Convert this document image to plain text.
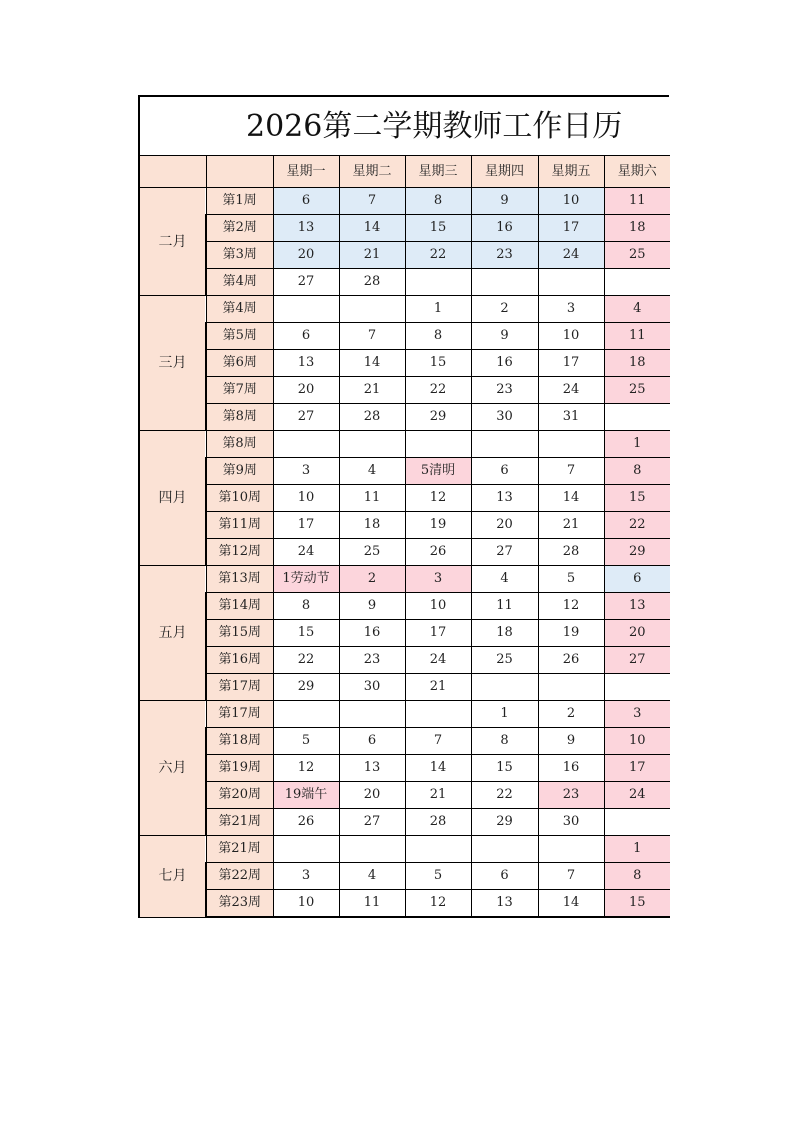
2026第二学期教师工作日历
		星期一	星期二	星期三	星期四	星期五	星期六
二月	第1周	6	7	8	9	10	11
	第2周	13	14	15	16	17	18
	第3周	20	21	22	23	24	25
	第4周	27	28				
三月	第4周			1	2	3	4
	第5周	6	7	8	9	10	11
	第6周	13	14	15	16	17	18
	第7周	20	21	22	23	24	25
	第8周	27	28	29	30	31	
四月	第8周						1
	第9周	3	4	5清明	6	7	8
	第10周	10	11	12	13	14	15
	第11周	17	18	19	20	21	22
	第12周	24	25	26	27	28	29
五月	第13周	1劳动节	2	3	4	5	6
	第14周	8	9	10	11	12	13
	第15周	15	16	17	18	19	20
	第16周	22	23	24	25	26	27
	第17周	29	30	21			
六月	第17周				1	2	3
	第18周	5	6	7	8	9	10
	第19周	12	13	14	15	16	17
	第20周	19端午	20	21	22	23	24
	第21周	26	27	28	29	30	
七月	第21周						1
	第22周	3	4	5	6	7	8
	第23周	10	11	12	13	14	15
